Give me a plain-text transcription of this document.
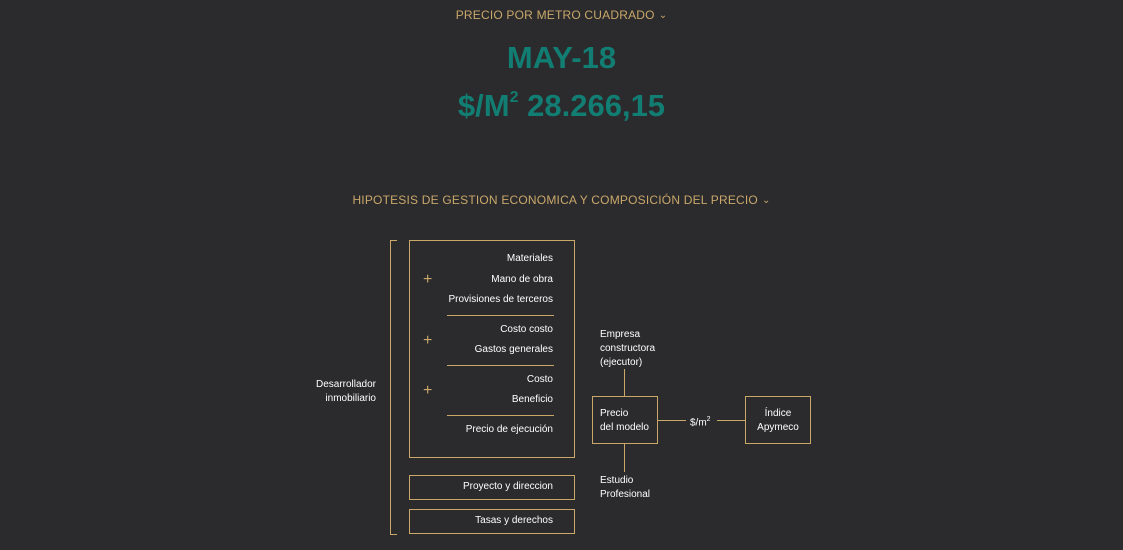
PRECIO POR METRO CUADRADO ⌄
MAY-18
$\$/M^2$ 28.266,15
HIPOTESIS DE GESTION ECONOMICA Y COMPOSICIÓN DEL PRECIO ⌄
Desarrollador
inmobiliario
Materiales
Mano de obra
Provisiones de terceros
+
Costo costo
Gastos generales
+
Costo
Beneficio
+
Precio de ejecución
Proyecto y direccion
Tasas y derechos
Empresa
constructora
(ejecutor)
Precio
del modelo
Estudio
Profesional
$\$/m^2$
Índice
Apymeco
